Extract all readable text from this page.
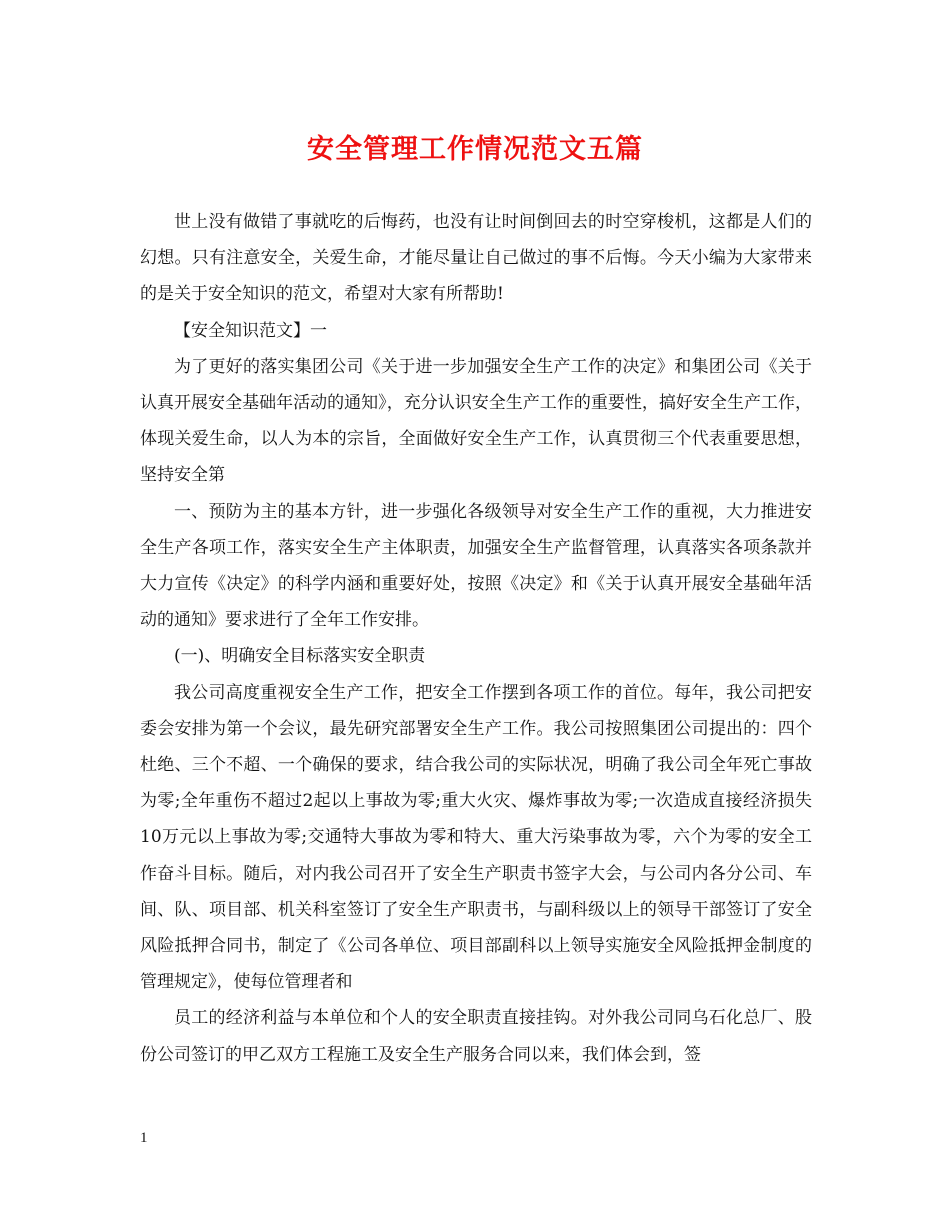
安全管理工作情况范文五篇

世上没有做错了事就吃的后悔药，也没有让时间倒回去的时空穿梭机，这都是人们的幻想。只有注意安全，关爱生命，才能尽量让自己做过的事不后悔。今天小编为大家带来的是关于安全知识的范文，希望对大家有所帮助!

【安全知识范文】一

为了更好的落实集团公司《关于进一步加强安全生产工作的决定》和集团公司《关于认真开展安全基础年活动的通知》，充分认识安全生产工作的重要性，搞好安全生产工作，体现关爱生命，以人为本的宗旨，全面做好安全生产工作，认真贯彻三个代表重要思想，坚持安全第

一、预防为主的基本方针，进一步强化各级领导对安全生产工作的重视，大力推进安全生产各项工作，落实安全生产主体职责，加强安全生产监督管理，认真落实各项条款并大力宣传《决定》的科学内涵和重要好处，按照《决定》和《关于认真开展安全基础年活动的通知》要求进行了全年工作安排。

(一)、明确安全目标落实安全职责

我公司高度重视安全生产工作，把安全工作摆到各项工作的首位。每年，我公司把安委会安排为第一个会议，最先研究部署安全生产工作。我公司按照集团公司提出的：四个杜绝、三个不超、一个确保的要求，结合我公司的实际状况，明确了我公司全年死亡事故为零;全年重伤不超过2起以上事故为零;重大火灾、爆炸事故为零;一次造成直接经济损失10万元以上事故为零;交通特大事故为零和特大、重大污染事故为零，六个为零的安全工作奋斗目标。随后，对内我公司召开了安全生产职责书签字大会，与公司内各分公司、车间、队、项目部、机关科室签订了安全生产职责书，与副科级以上的领导干部签订了安全风险抵押合同书，制定了《公司各单位、项目部副科以上领导实施安全风险抵押金制度的管理规定》，使每位管理者和

员工的经济利益与本单位和个人的安全职责直接挂钩。对外我公司同乌石化总厂、股份公司签订的甲乙双方工程施工及安全生产服务合同以来，我们体会到，签

1
